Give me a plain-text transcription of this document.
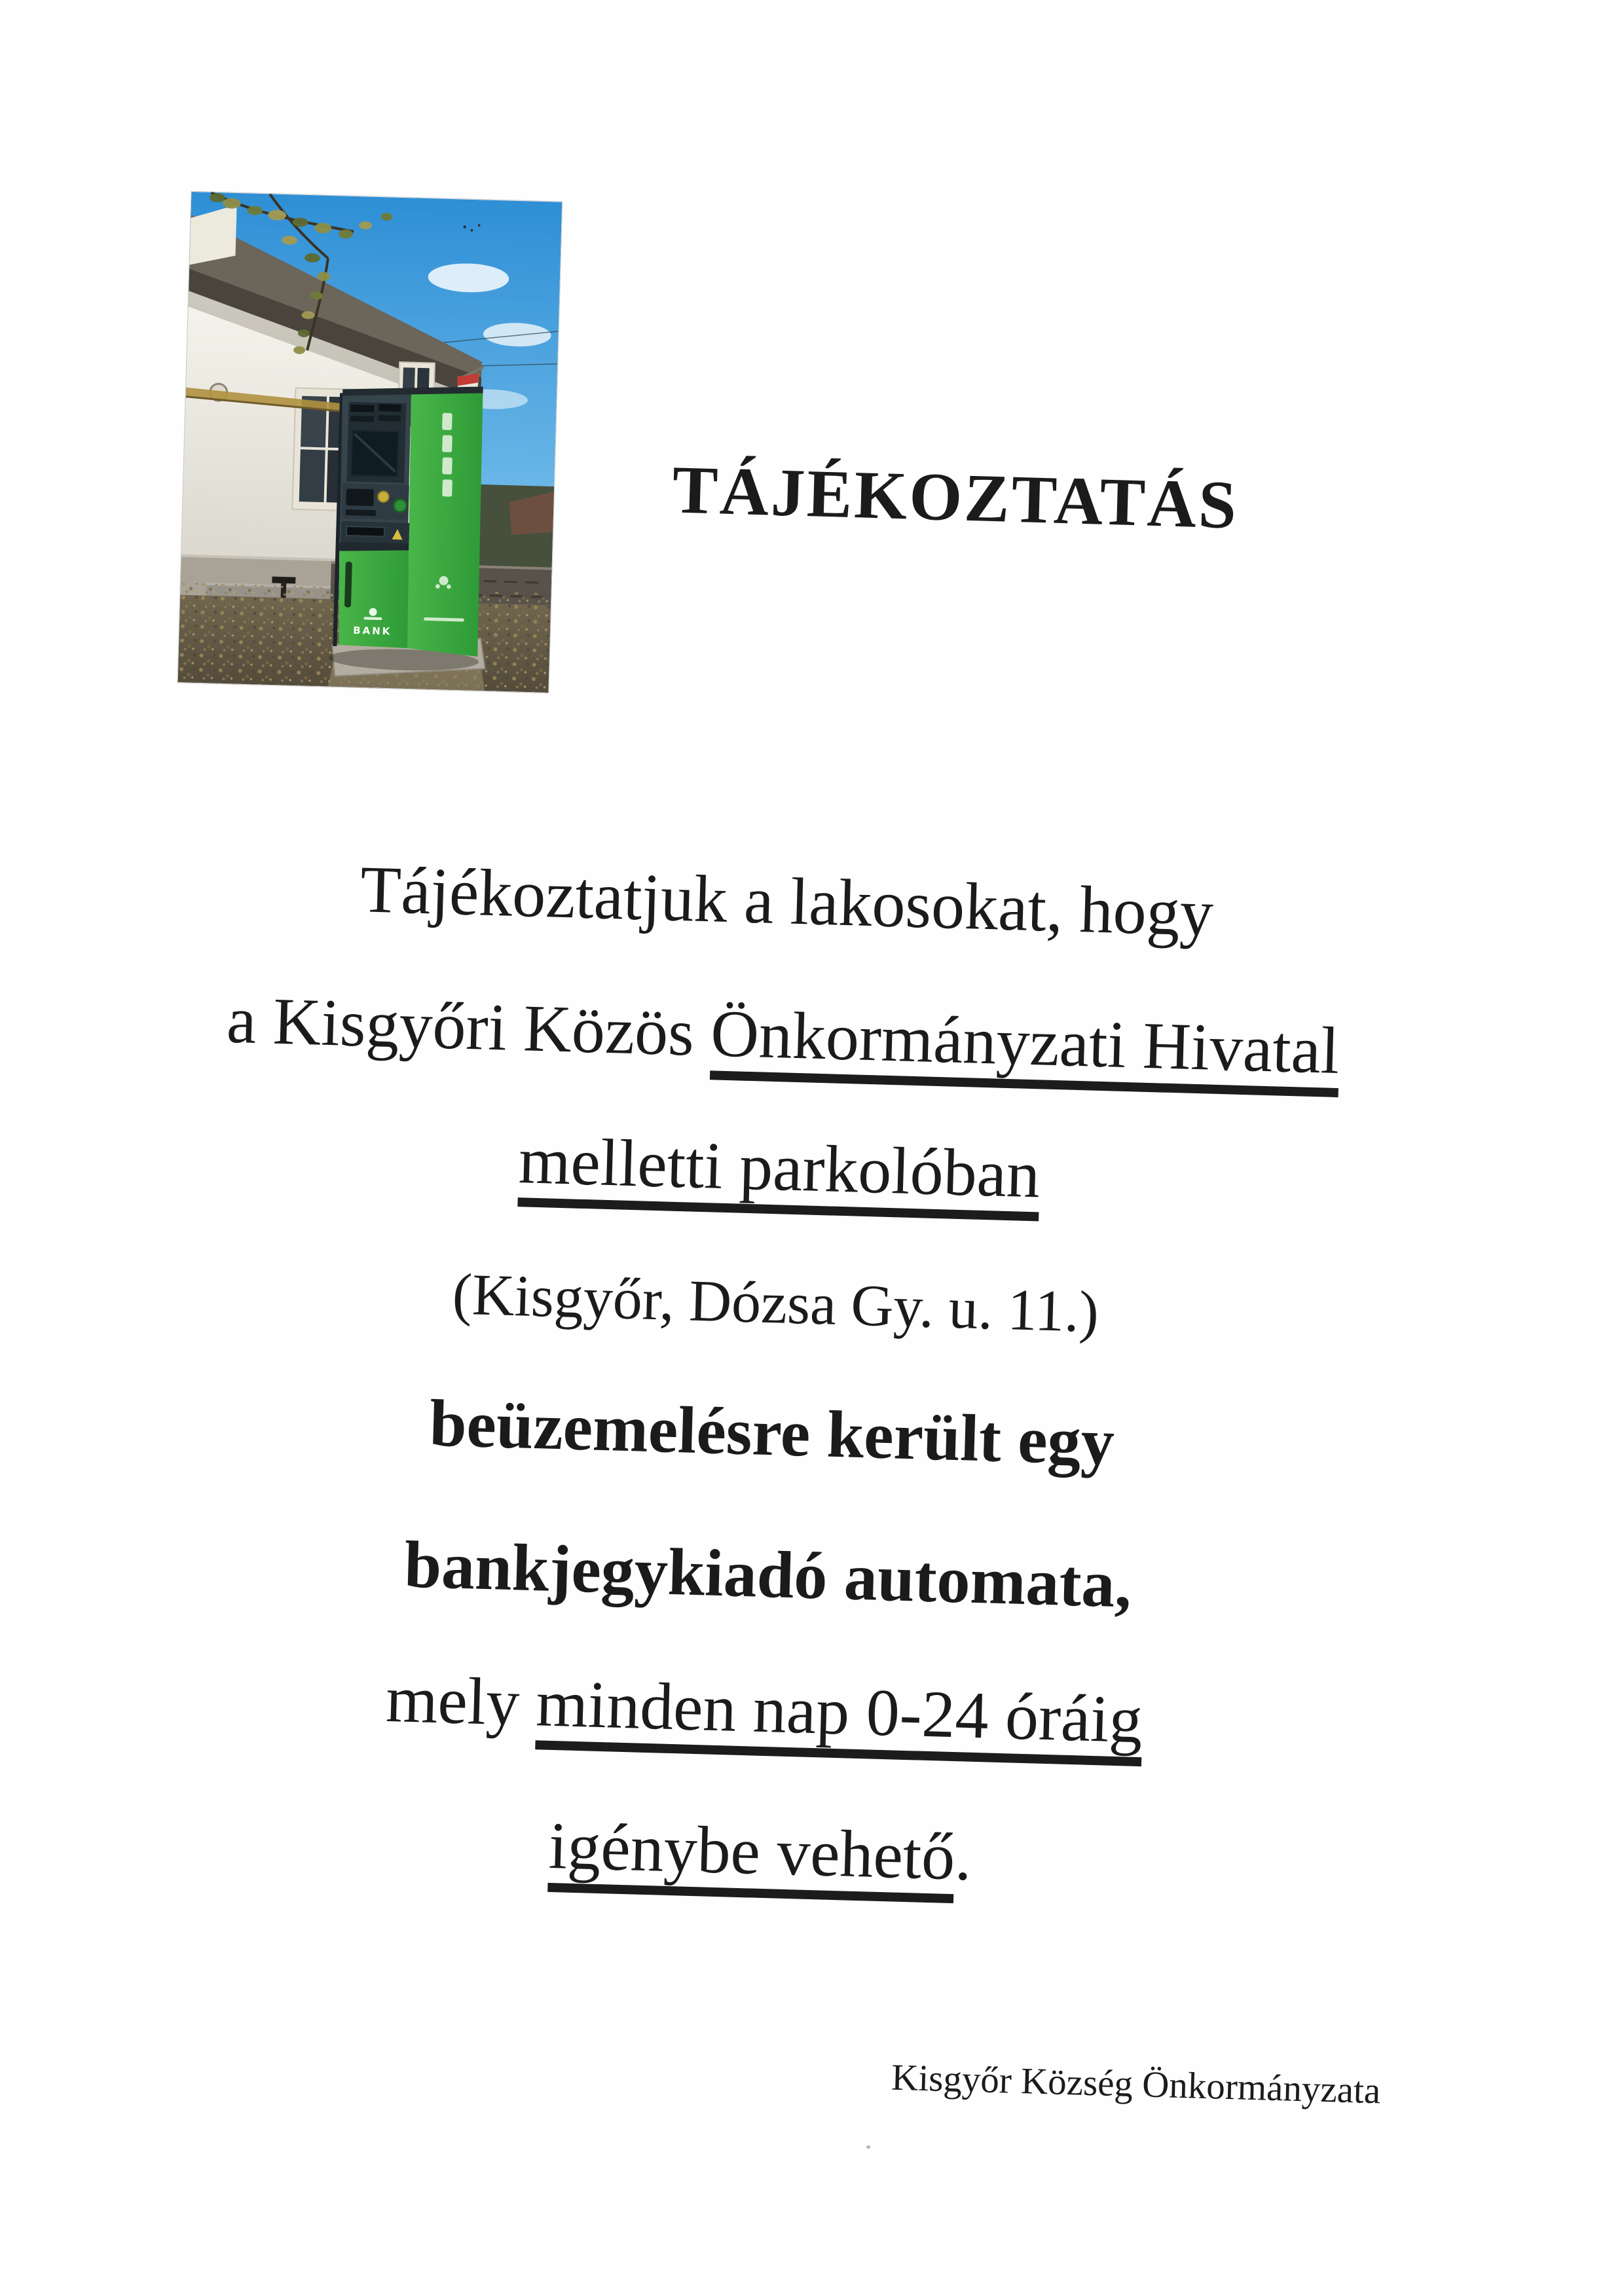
BANK
TÁJÉKOZTATÁS
Tájékoztatjuk a lakosokat, hogy
a Kisgyőri Közös Önkormányzati Hivatal
melletti parkolóban
(Kisgyőr, Dózsa Gy. u. 11.)
beüzemelésre került egy
bankjegykiadó automata,
mely minden nap 0-24 óráig
igénybe vehető.

Kisgyőr Község Önkormányzata
